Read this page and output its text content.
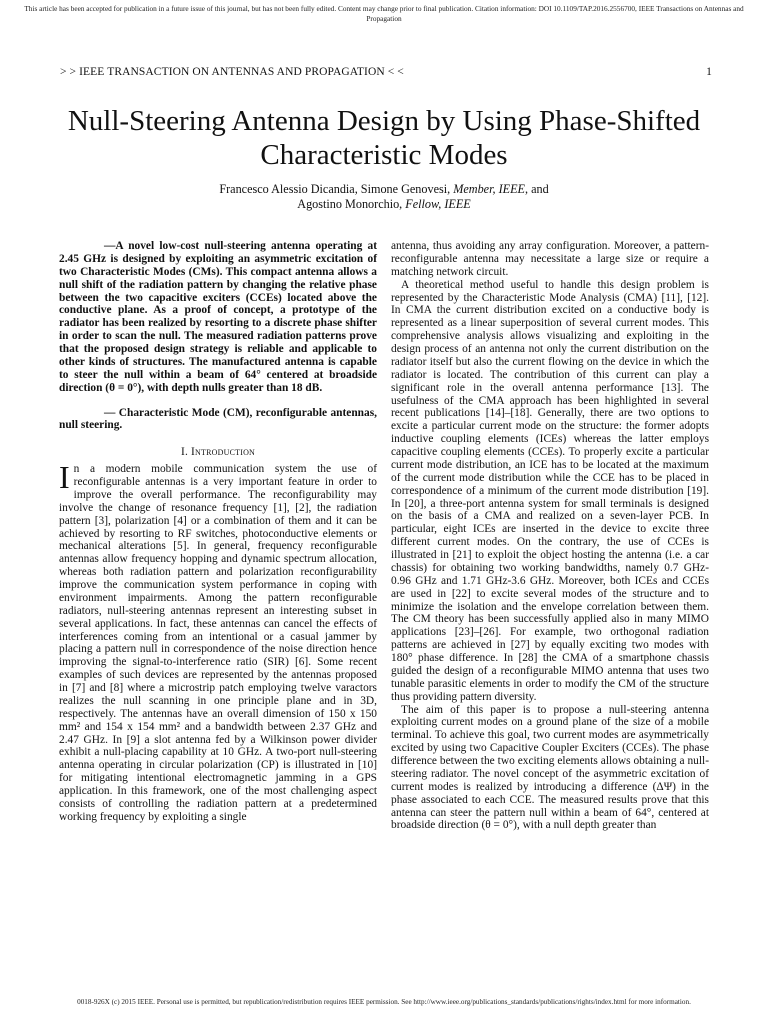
This article has been accepted for publication in a future issue of this journal, but has not been fully edited. Content may change prior to final publication. Citation information: DOI 10.1109/TAP.2016.2556700, IEEE Transactions on Antennas and Propagation
> > IEEE TRANSACTION ON ANTENNAS AND PROPAGATION < <	1
Null-Steering Antenna Design by Using Phase-Shifted Characteristic Modes
Francesco Alessio Dicandia, Simone Genovesi, Member, IEEE, and
Agostino Monorchio, Fellow, IEEE

—A novel low-cost null-steering antenna operating at 2.45 GHz is designed by exploiting an asymmetric excitation of two Characteristic Modes (CMs). This compact antenna allows a null shift of the radiation pattern by changing the relative phase between the two capacitive exciters (CCEs) located above the conductive plane. As a proof of concept, a prototype of the radiator has been realized by resorting to a discrete phase shifter in order to scan the null. The measured radiation patterns prove that the proposed design strategy is reliable and applicable to other kinds of structures. The manufactured antenna is capable to steer the null within a beam of 64° centered at broadside direction (θ = 0°), with depth nulls greater than 18 dB.

— Characteristic Mode (CM), reconfigurable antennas, null steering.

I. Introduction

In a modern mobile communication system the use of reconfigurable antennas is a very important feature in order to improve the overall performance. The reconfigurability may involve the change of resonance frequency [1], [2], the radiation pattern [3], polarization [4] or a combination of them and it can be achieved by resorting to RF switches, photoconductive elements or mechanical alterations [5]. In general, frequency reconfigurable antennas allow frequency hopping and dynamic spectrum allocation, whereas both radiation pattern and polarization reconfigurability improve the communication system performance in coping with environment impairments. Among the pattern reconfigurable radiators, null-steering antennas represent an interesting subset in several applications. In fact, these antennas can cancel the effects of interferences coming from an intentional or a casual jammer by placing a pattern null in correspondence of the noise direction hence improving the signal-to-interference ratio (SIR) [6]. Some recent examples of such devices are represented by the antennas proposed in [7] and [8] where a microstrip patch employing twelve varactors realizes the null scanning in one principle plane and in 3D, respectively. The antennas have an overall dimension of 150 x 150 mm² and 154 x 154 mm² and a bandwidth between 2.37 GHz and 2.47 GHz. In [9] a slot antenna fed by a Wilkinson power divider exhibit a null-placing capability at 10 GHz. A two-port null-steering antenna operating in circular polarization (CP) is illustrated in [10] for mitigating intentional electromagnetic jamming in a GPS application. In this framework, one of the most challenging aspect consists of controlling the radiation pattern at a predetermined working frequency by exploiting a single

antenna, thus avoiding any array configuration. Moreover, a pattern-reconfigurable antenna may necessitate a large size or require a matching network circuit.

A theoretical method useful to handle this design problem is represented by the Characteristic Mode Analysis (CMA) [11], [12]. In CMA the current distribution excited on a conductive body is represented as a linear superposition of several current modes. This comprehensive analysis allows visualizing and exploiting in the design process of an antenna not only the current distribution on the radiator itself but also the current flowing on the device in which the radiator is located. The contribution of this current can play a significant role in the overall antenna performance [13]. The usefulness of the CMA approach has been highlighted in several recent publications [14]–[18]. Generally, there are two options to excite a particular current mode on the structure: the former adopts inductive coupling elements (ICEs) whereas the latter employs capacitive coupling elements (CCEs). To properly excite a particular current mode distribution, an ICE has to be located at the maximum of the current mode distribution while the CCE has to be placed in correspondence of a minimum of the current mode distribution [19]. In [20], a three-port antenna system for small terminals is designed on the basis of a CMA and realized on a seven-layer PCB. In particular, eight ICEs are inserted in the device to excite three different current modes. On the contrary, the use of CCEs is illustrated in [21] to exploit the object hosting the antenna (i.e. a car chassis) for obtaining two working bandwidths, namely 0.7 GHz-0.96 GHz and 1.71 GHz-3.6 GHz. Moreover, both ICEs and CCEs are used in [22] to excite several modes of the structure and to minimize the isolation and the envelope correlation between them. The CM theory has been successfully applied also in many MIMO applications [23]–[26]. For example, two orthogonal radiation patterns are achieved in [27] by equally exciting two modes with 180° phase difference. In [28] the CMA of a smartphone chassis guided the design of a reconfigurable MIMO antenna that uses two tunable parasitic elements in order to modify the CM of the structure thus providing pattern diversity.

The aim of this paper is to propose a null-steering antenna exploiting current modes on a ground plane of the size of a mobile terminal. To achieve this goal, two current modes are asymmetrically excited by using two Capacitive Coupler Exciters (CCEs). The phase difference between the two exciting elements allows obtaining a null-steering radiator. The novel concept of the asymmetric excitation of current modes is realized by introducing a difference (ΔΨ) in the phase associated to each CCE. The measured results prove that this antenna can steer the pattern null within a beam of 64°, centered at broadside direction (θ = 0°), with a null depth greater than

0018-926X (c) 2015 IEEE. Personal use is permitted, but republication/redistribution requires IEEE permission. See http://www.ieee.org/publications_standards/publications/rights/index.html for more information.
